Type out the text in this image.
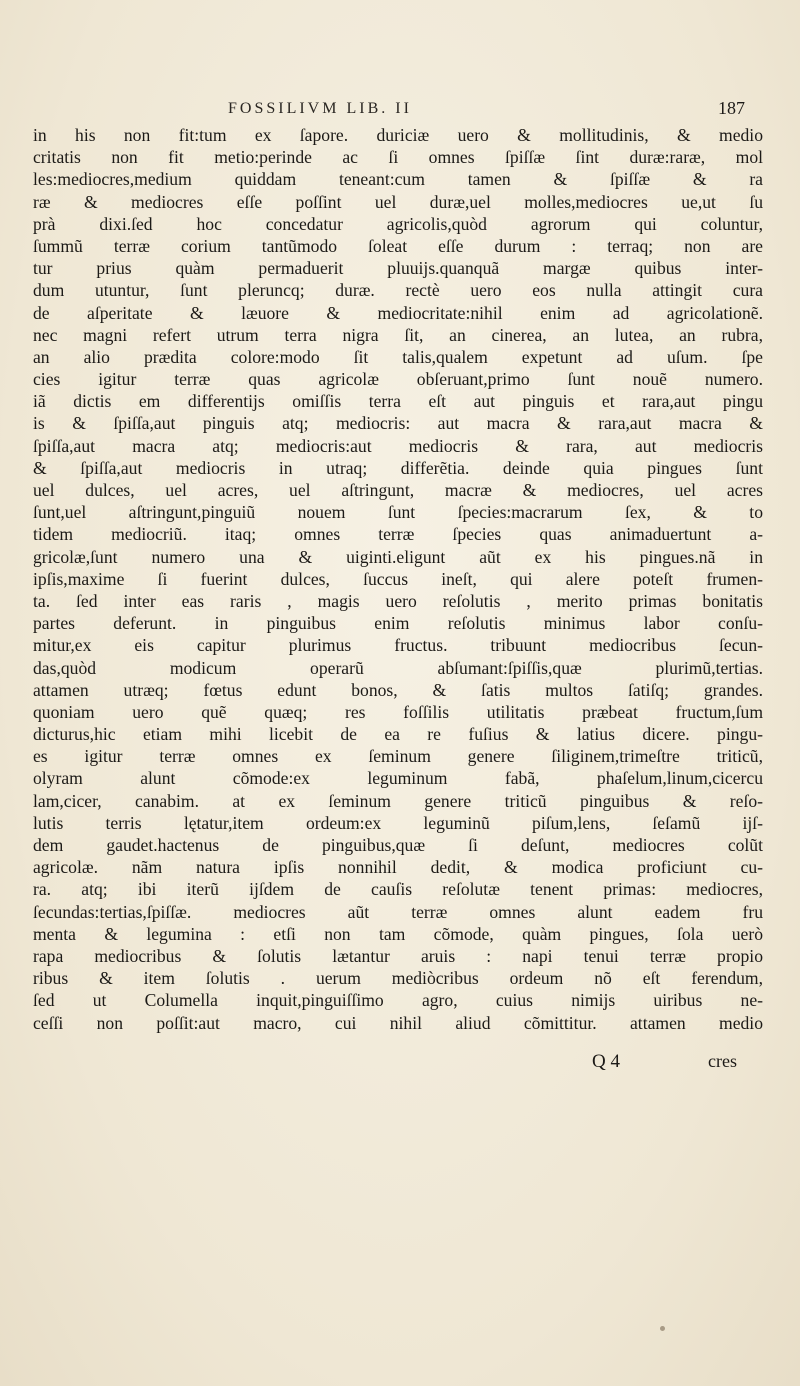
FOSSILIVM LIB. II	187
in his non fit:tum ex ſapore. duriciæ uero & mollitudinis, & medio
critatis non fit metio:perinde ac ſi omnes ſpiſſæ ſint duræ:raræ, mol
les:mediocres,medium quiddam teneant:cum tamen & ſpiſſæ & ra
ræ & mediocres eſſe poſſint uel duræ,uel molles,mediocres ue,ut ſu
prà dixi.ſed hoc concedatur agricolis,quòd agrorum qui coluntur,
ſummũ terræ corium tantũmodo ſoleat eſſe durum : terraq; non are
tur prius quàm permaduerit pluuijs.quanquã margæ quibus inter-
dum utuntur, ſunt pleruncq; duræ. rectè uero eos nulla attingit cura
de aſperitate & læuore & mediocritate:nihil enim ad agricolationẽ.
nec magni refert utrum terra nigra ſit, an cinerea, an lutea, an rubra,
an alio prædita colore:modo ſit talis,qualem expetunt ad uſum. ſpe
cies igitur terræ quas agricolæ obſeruant,primo ſunt nouẽ numero.
iã dictis em differentijs omiſſis terra eſt aut pinguis et rara,aut pingu
is & ſpiſſa,aut pinguis atq; mediocris: aut macra & rara,aut macra &
ſpiſſa,aut macra atq; mediocris:aut mediocris & rara, aut mediocris
& ſpiſſa,aut mediocris in utraq; differẽtia. deinde quia pingues ſunt
uel dulces, uel acres, uel aſtringunt, macræ & mediocres, uel acres
ſunt,uel aſtringunt,pinguiũ nouem ſunt ſpecies:macrarum ſex, & to
tidem mediocriũ. itaq; omnes terræ ſpecies quas animaduertunt a-
gricolæ,ſunt numero una & uiginti.eligunt aũt ex his pingues.nã in
ipſis,maxime ſi fuerint dulces, ſuccus ineſt, qui alere poteſt frumen-
ta. ſed inter eas raris , magis uero reſolutis , merito primas bonitatis
partes deferunt. in pinguibus enim reſolutis minimus labor conſu-
mitur,ex eis capitur plurimus fructus. tribuunt mediocribus ſecun-
das,quòd modicum operarũ abſumant:ſpiſſis,quæ plurimũ,tertias.
attamen utræq; fœtus edunt bonos, & ſatis multos ſatiſq; grandes.
quoniam uero quẽ quæq; res foſſilis utilitatis præbeat fructum,ſum
dicturus,hic etiam mihi licebit de ea re fuſius & latius dicere. pingu-
es igitur terræ omnes ex ſeminum genere ſiliginem,trimeſtre triticũ,
olyram alunt cõmode:ex leguminum fabã, phaſelum,linum,cicercu
lam,cicer, canabim. at ex ſeminum genere triticũ pinguibus & reſo-
lutis terris lętatur,item ordeum:ex leguminũ piſum,lens, ſeſamũ ijſ-
dem gaudet.hactenus de pinguibus,quæ ſi deſunt, mediocres colũt
agricolæ. nãm natura ipſis nonnihil dedit, & modica proficiunt cu-
ra. atq; ibi iterũ ijſdem de cauſis reſolutæ tenent primas: mediocres,
ſecundas:tertias,ſpiſſæ. mediocres aũt terræ omnes alunt eadem fru
menta & legumina : etſi non tam cõmode, quàm pingues, ſola uerò
rapa mediocribus & ſolutis lætantur aruis : napi tenui terræ propio
ribus & item ſolutis . uerum mediòcribus ordeum nõ eſt ferendum,
ſed ut Columella inquit,pinguiſſimo agro, cuius nimijs uiribus ne-
ceſſi non poſſit:aut macro, cui nihil aliud cõmittitur. attamen medio
Q 4	cres
